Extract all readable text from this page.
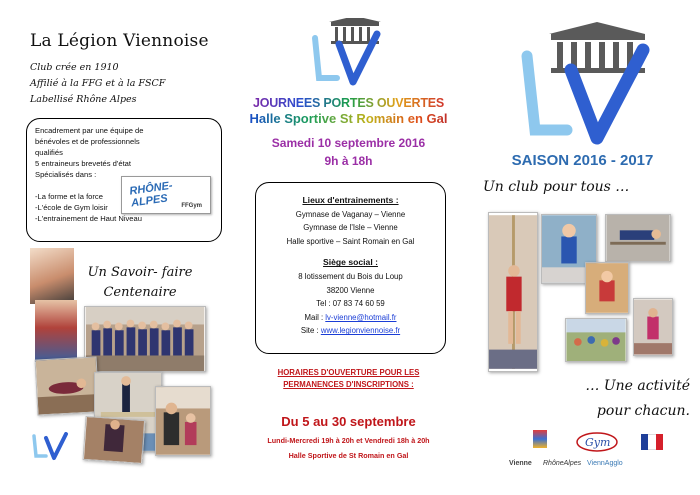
La Légion Viennoise
Club crée en 1910
Affilié à la FFG et à la FSCF
Labellisé Rhône Alpes

Encadrement par une équipe de

bénévoles et de professionnels

qualifiés

5 entraineurs brevetés d'état

Spécialisés dans :

-La forme et la force

-L'école de Gym loisir

-L'entrainement de Haut Niveau

RHÔNE-ALPES	FFGym
Un Savoir- faire
Centenaire
JOURNEES PORTES OUVERTES
Halle Sportive St Romain en Gal
Samedi 10 septembre 2016
9h à 18h
Lieux d'entrainements :
Gymnase de Vaganay – Vienne
Gymnase de l'Isle – Vienne
Halle sportive – Saint Romain en Gal
Siège social :
8 lotissement du Bois du Loup
38200 Vienne
Tel : 07 83 74 60 59
Mail : lv-vienne@hotmail.fr
Site : www.legionviennoise.fr
HORAIRES D'OUVERTURE POUR LES
PERMANENCES D'INSCRIPTIONS :
Du 5 au 30 septembre
Lundi-Mercredi 19h à 20h et Vendredi 18h à 20h
Halle Sportive de St Romain en Gal
SAISON 2016 - 2017
Un club pour tous …
… Une activité
pour chacun.
Gym
Vienne RhôneAlpes ViennAgglo
